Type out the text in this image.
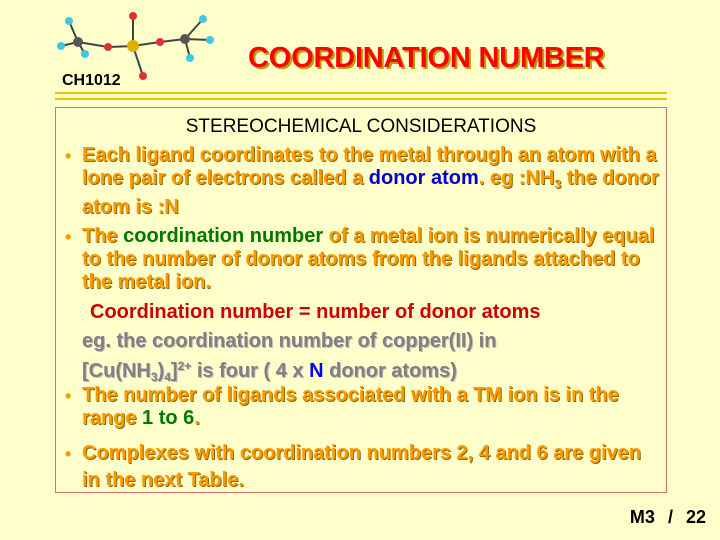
CH1012
COORDINATION NUMBER
STEREOCHEMICAL CONSIDERATIONS
• Each ligand coordinates to the metal through an atom with a lone pair of electrons called a donor atom. eg $:NH_3$ the donor atom is :N
• The coordination number of a metal ion is numerically equal to the number of donor atoms from the ligands attached to the metal ion.
Coordination number = number of donor atoms
eg. the coordination number of copper(II) in
$[Cu(NH_3)_4]^{2+}$ is four ( 4 x N donor atoms)
• The number of ligands associated with a TM ion is in the range 1 to 6.
• Complexes with coordination numbers 2, 4 and 6 are given in the next Table.
M3 / 22
